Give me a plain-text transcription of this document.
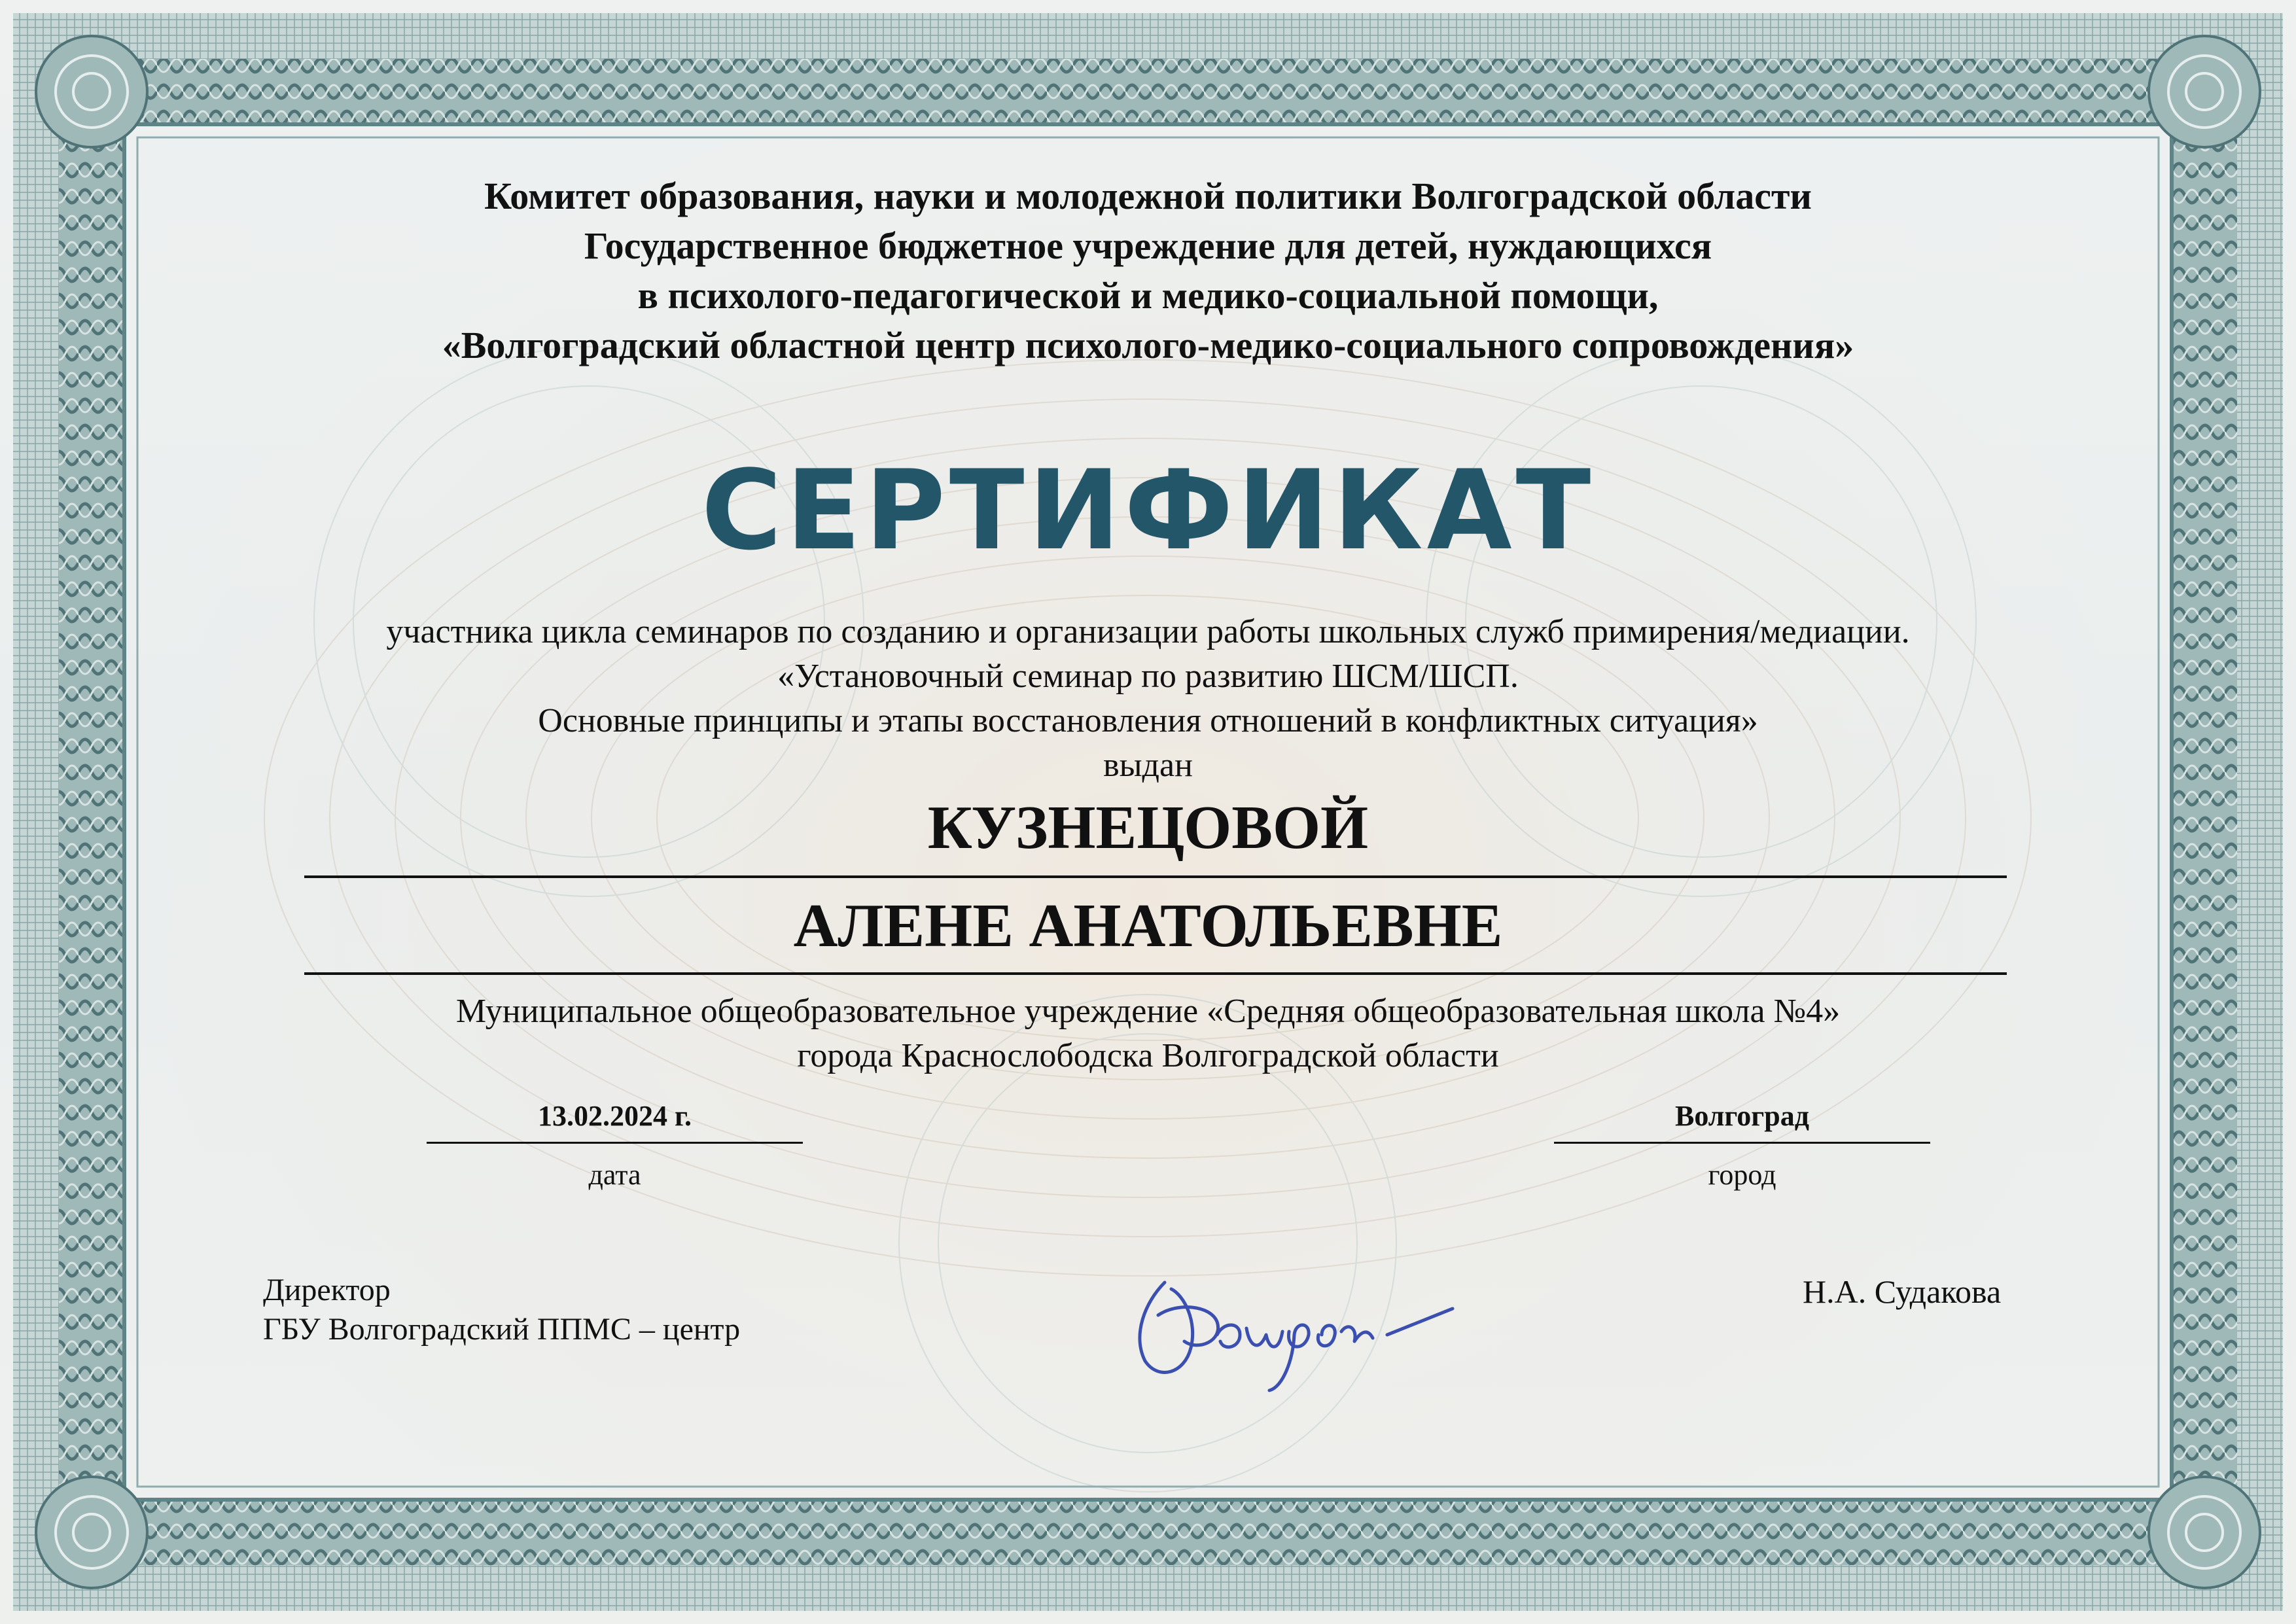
Комитет образования, науки и молодежной политики Волгоградской области
Государственное бюджетное учреждение для детей, нуждающихся
в психолого-педагогической и медико-социальной помощи,
«Волгоградский областной центр психолого-медико-социального сопровождения»
СЕРТИФИКАТ
участника цикла семинаров по созданию и организации работы школьных служб примирения/медиации.
«Установочный семинар по развитию ШСМ/ШСП.
Основные принципы и этапы восстановления отношений в конфликтных ситуация»
выдан
КУЗНЕЦОВОЙ
АЛЕНЕ АНАТОЛЬЕВНЕ
Муниципальное общеобразовательное учреждение «Средняя общеобразовательная школа №4»
города Краснослободска Волгоградской области
13.02.2024 г.
дата
Волгоград
город
Директор
ГБУ Волгоградский ППМС – центр
Н.А. Судакова
